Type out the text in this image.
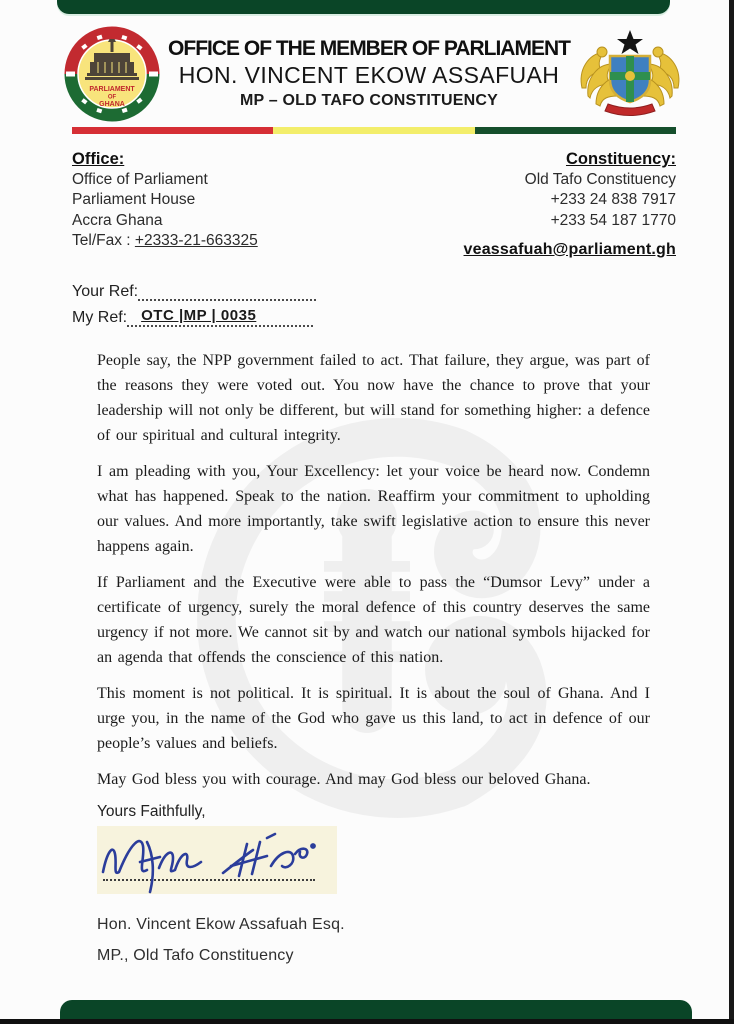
PARLIAMENT
OF
GHANA
OFFICE OF THE MEMBER OF PARLIAMENT
HON. VINCENT EKOW ASSAFUAH
MP – OLD TAFO CONSTITUENCY
Office:
Office of Parliament
Parliament House
Accra Ghana
Tel/Fax : +2333-21-663325
Constituency:
Old Tafo Constituency
+233 24 838 7917
+233 54 187 1770
veassafuah@parliament.gh
Your Ref:
My Ref: OTC |MP | 0035

People say, the NPP government failed to act. That failure, they argue, was part of the reasons they were voted out. You now have the chance to prove that your leadership will not only be different, but will stand for something higher: a defence of our spiritual and cultural integrity.

I am pleading with you, Your Excellency: let your voice be heard now. Condemn what has happened. Speak to the nation. Reaffirm your commitment to upholding our values. And more importantly, take swift legislative action to ensure this never happens again.

If Parliament and the Executive were able to pass the “Dumsor Levy” under a certificate of urgency, surely the moral defence of this country deserves the same urgency if not more. We cannot sit by and watch our national symbols hijacked for an agenda that offends the conscience of this nation.

This moment is not political. It is spiritual. It is about the soul of Ghana. And I urge you, in the name of the God who gave us this land, to act in defence of our people’s values and beliefs.

May God bless you with courage. And may God bless our beloved Ghana.

Yours Faithfully,
Hon. Vincent Ekow Assafuah Esq.
MP., Old Tafo Constituency
